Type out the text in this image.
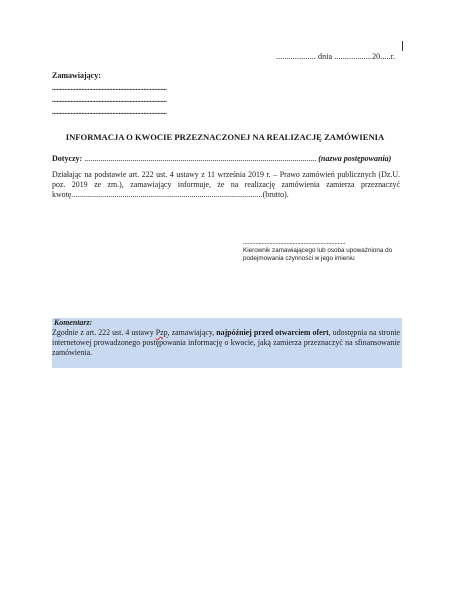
................... dnia ..................20.....r.
Zamawiający:
..........................................................................
..........................................................................
..........................................................................
INFORMACJA O KWOCIE PRZEZNACZONEJ NA REALIZACJĘ ZAMÓWIENIA
Dotyczy: .................................................................................................................... (nazwa postępowania)
Działając na podstawie art. 222 ust. 4 ustawy z 11 września 2019 r. – Prawo zamówień publicznych (Dz.U. poz. 2019 ze zm.), zamawiający informuje, że na realizację zamówienia zamierza przeznaczyć kwotę.................................................................................................(brutto).
..................................................................
Kierownik zamawiającego lub osoba upoważniona do podejmowania czynności w jego imieniu
Komentarz:
Zgodnie z art. 222 ust. 4 ustawy Pzp, zamawiający, najpóźniej przed otwarciem ofert, udostępnia na stronie internetowej prowadzonego postępowania informację o kwocie, jaką zamierza przeznaczyć na sfinansowanie zamówienia.
